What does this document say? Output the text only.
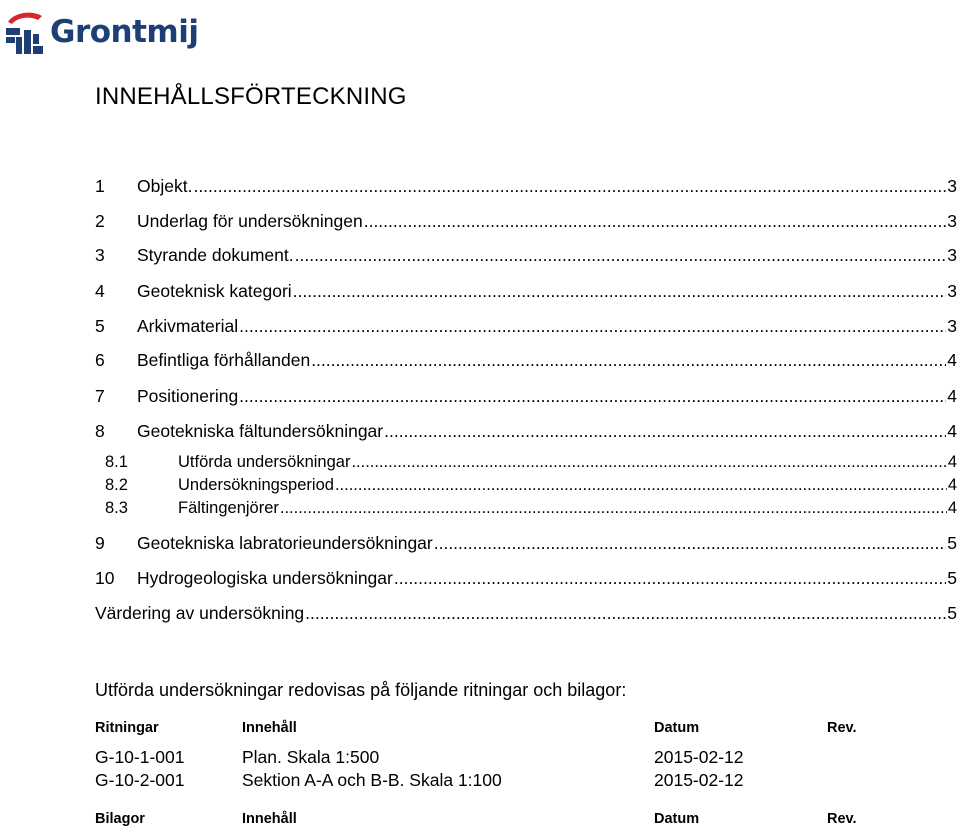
Grontmij
INNEHÅLLSFÖRTECKNING
1	Objekt. .....	3
2	Underlag för undersökningen .....	3
3	Styrande dokument. .....	3
4	Geoteknisk kategori .....	3
5	Arkivmaterial .....	3
6	Befintliga förhållanden .....	4
7	Positionering .....	4
8	Geotekniska fältundersökningar .....	4
8.1	Utförda undersökningar .....	4
8.2	Undersökningsperiod .....	4
8.3	Fältingenjörer .....	4
9	Geotekniska labratorieundersökningar .....	5
10	Hydrogeologiska undersökningar .....	5
Värdering av undersökning .....	5

Utförda undersökningar redovisas på följande ritningar och bilagor:

Ritningar	Innehåll	Datum	Rev.
G-10-1-001	Plan. Skala 1:500	2015-02-12
G-10-2-001	Sektion A-A och B-B. Skala 1:100	2015-02-12
Bilagor	Innehåll	Datum	Rev.
